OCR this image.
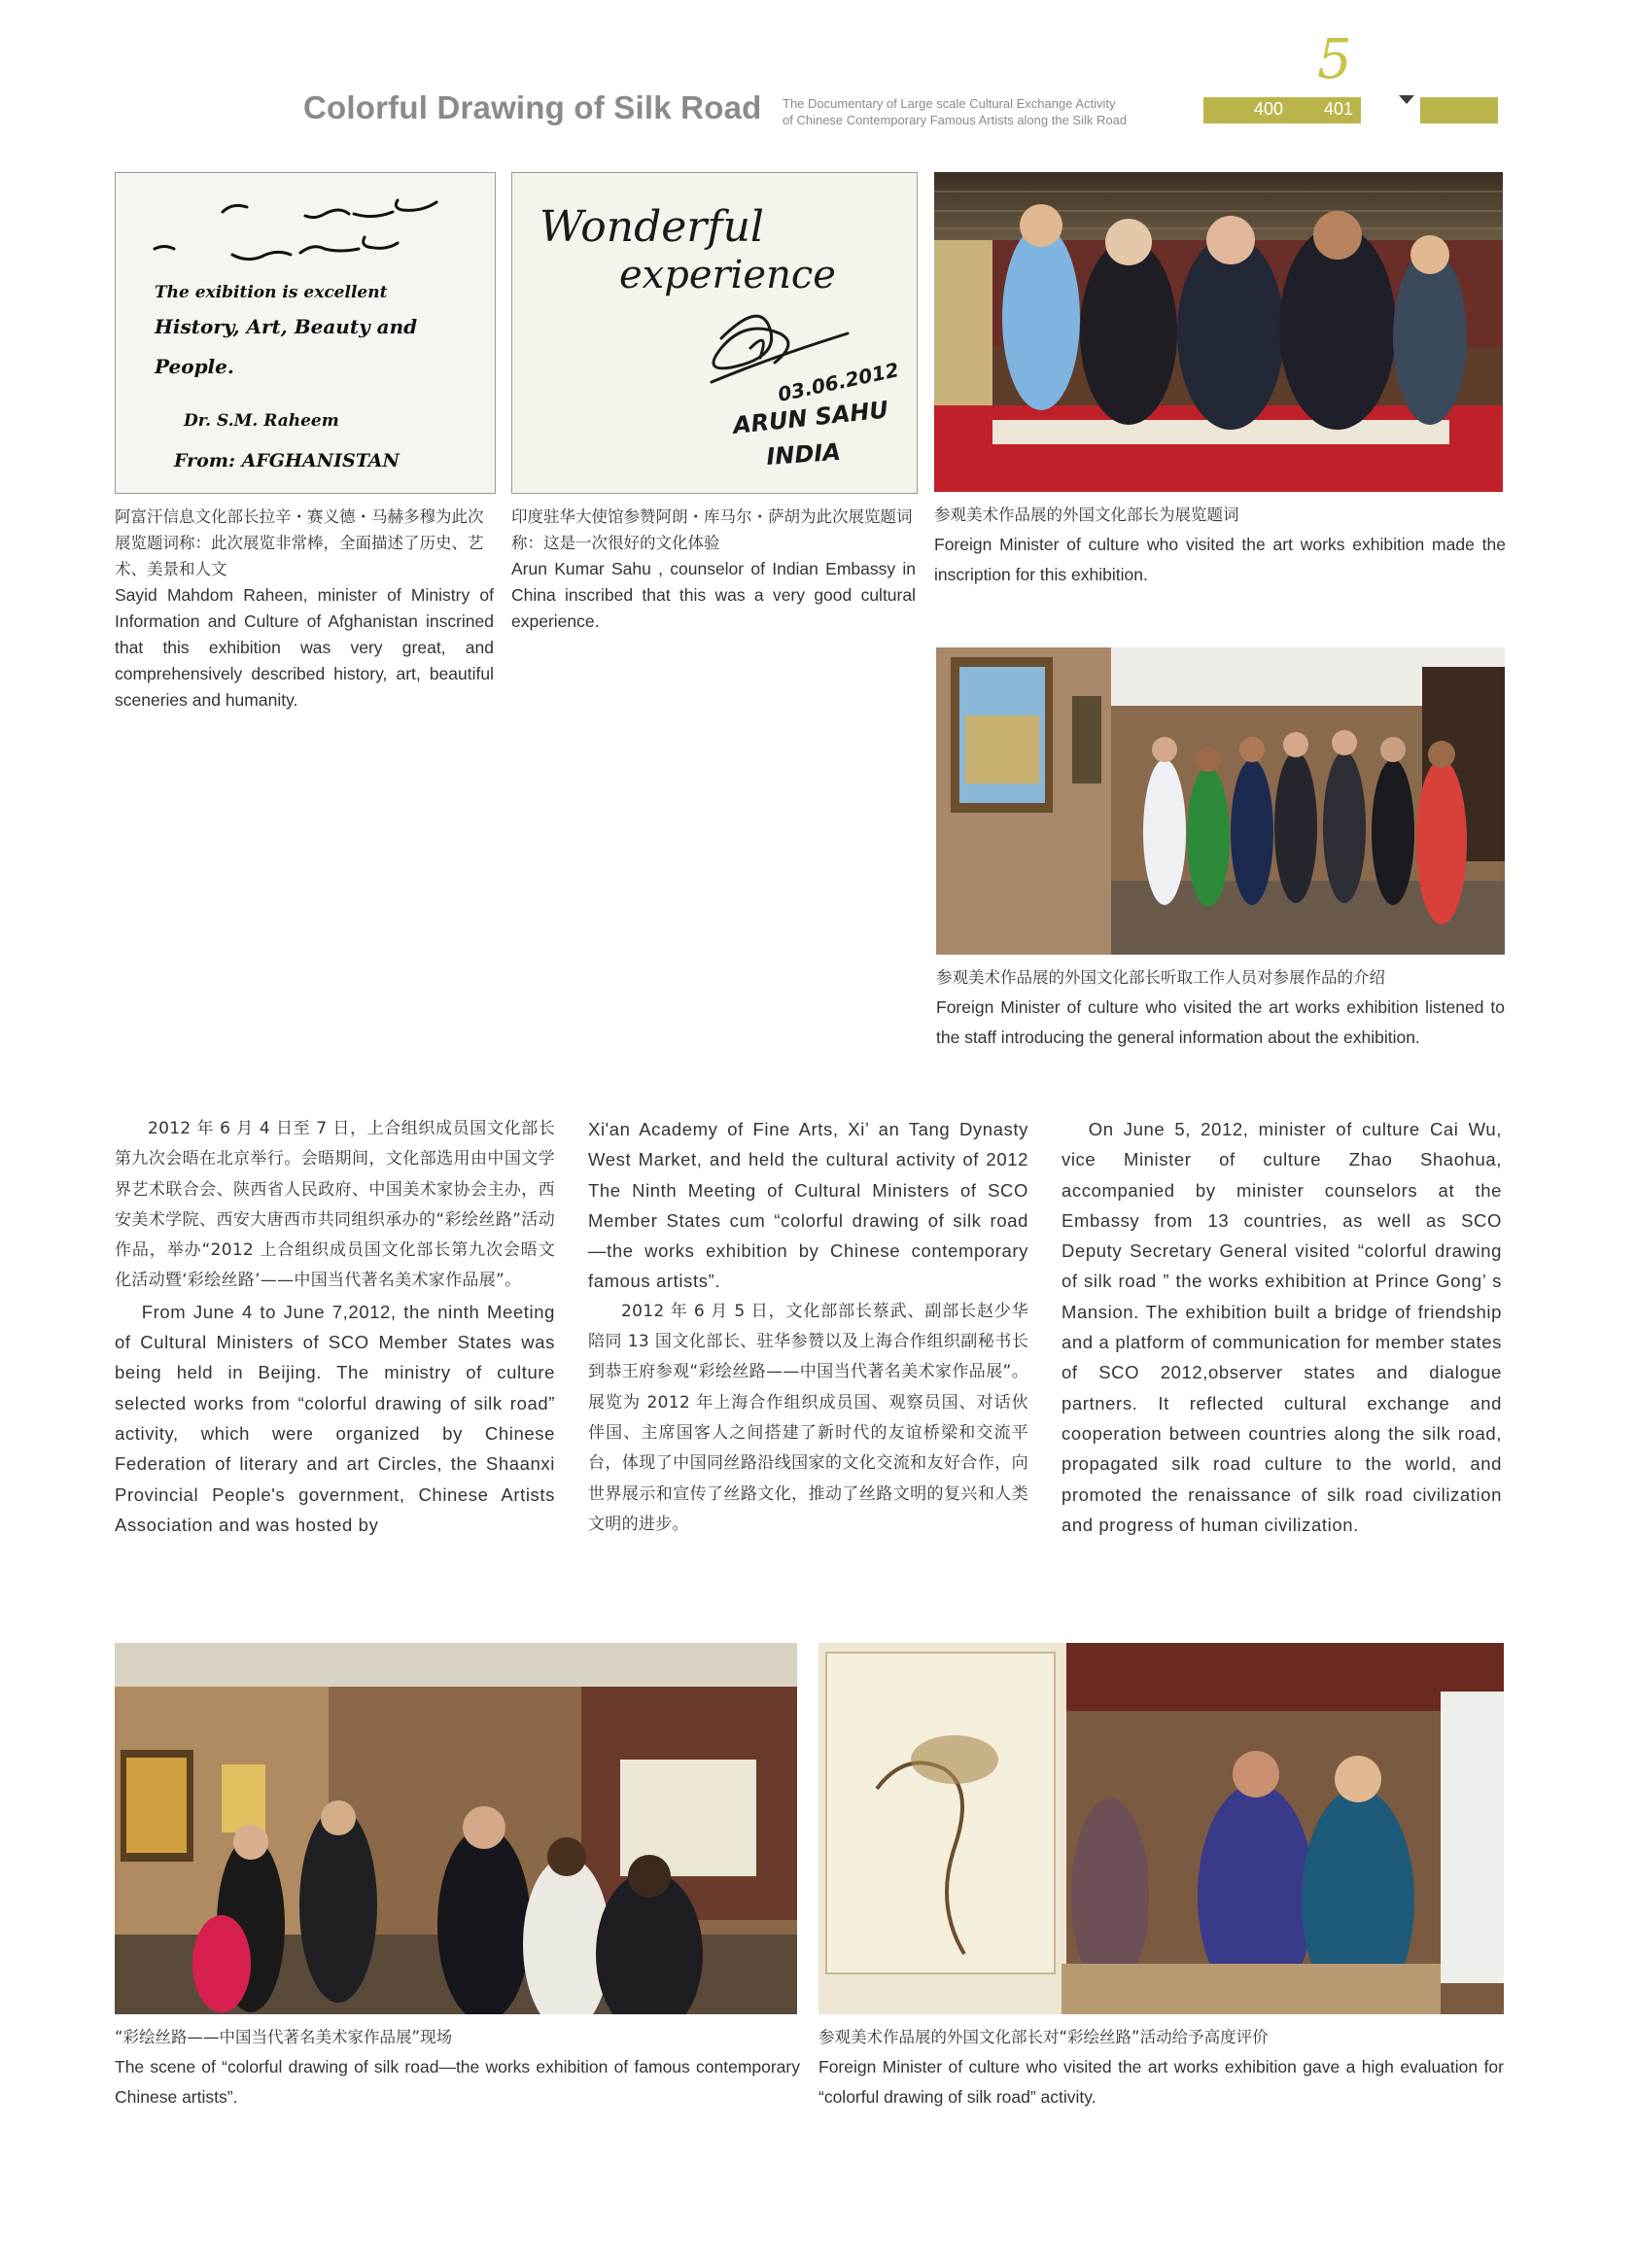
Colorful Drawing of Silk Road The Documentary of Large scale Cultural Exchange Activity
of Chinese Contemporary Famous Artists along the Silk Road
5
400 401
The exibition is excellent
History, Art, Beauty and
People.
Dr. S.M. Raheem
From: AFGHANISTAN
Wonderful
experience
03.06.2012
ARUN SAHU
INDIA
阿富汗信息文化部长拉辛・赛义德・马赫多穆为此次展览题词称：此次展览非常棒，全面描述了历史、艺术、美景和人文
Sayid Mahdom Raheen, minister of Ministry of Information and Culture of Afghanistan inscrined that this exhibition was very great, and comprehensively described history, art, beautiful sceneries and humanity.
印度驻华大使馆参赞阿朗・库马尔・萨胡为此次展览题词称：这是一次很好的文化体验
Arun Kumar Sahu , counselor of Indian Embassy in China inscribed that this was a very good cultural experience.
参观美术作品展的外国文化部长为展览题词
Foreign Minister of culture who visited the art works exhibition made the inscription for this exhibition.
参观美术作品展的外国文化部长听取工作人员对参展作品的介绍
Foreign Minister of culture who visited the art works exhibition listened to the staff introducing the general information about the exhibition.

2012 年 6 月 4 日至 7 日，上合组织成员国文化部长第九次会晤在北京举行。会晤期间，文化部选用由中国文学界艺术联合会、陕西省人民政府、中国美术家协会主办，西安美术学院、西安大唐西市共同组织承办的“彩绘丝路”活动作品，举办“2012 上合组织成员国文化部长第九次会晤文化活动暨‘彩绘丝路’——中国当代著名美术家作品展”。

From June 4 to June 7,2012, the ninth Meeting of Cultural Ministers of SCO Member States was being held in Beijing. The ministry of culture selected works from “colorful drawing of silk road” activity, which were organized by Chinese Federation of literary and art Circles, the Shaanxi Provincial People's government, Chinese Artists Association and was hosted by

Xi'an Academy of Fine Arts, Xi’ an Tang Dynasty West Market, and held the cultural activity of 2012 The Ninth Meeting of Cultural Ministers of SCO Member States cum “colorful drawing of silk road —the works exhibition by Chinese contemporary famous artists”.

2012 年 6 月 5 日，文化部部长蔡武、副部长赵少华陪同 13 国文化部长、驻华参赞以及上海合作组织副秘书长到恭王府参观“彩绘丝路——中国当代著名美术家作品展”。展览为 2012 年上海合作组织成员国、观察员国、对话伙伴国、主席国客人之间搭建了新时代的友谊桥梁和交流平台，体现了中国同丝路沿线国家的文化交流和友好合作，向世界展示和宣传了丝路文化，推动了丝路文明的复兴和人类文明的进步。

On June 5, 2012, minister of culture Cai Wu, vice Minister of culture Zhao Shaohua, accompanied by minister counselors at the Embassy from 13 countries, as well as SCO Deputy Secretary General visited “colorful drawing of silk road ” the works exhibition at Prince Gong’ s Mansion. The exhibition built a bridge of friendship and a platform of communication for member states of SCO 2012,observer states and dialogue partners. It reflected cultural exchange and cooperation between countries along the silk road, propagated silk road culture to the world, and promoted the renaissance of silk road civilization and progress of human civilization.

“彩绘丝路——中国当代著名美术家作品展”现场
The scene of “colorful drawing of silk road—the works exhibition of famous contemporary Chinese artists”.
参观美术作品展的外国文化部长对“彩绘丝路”活动给予高度评价
Foreign Minister of culture who visited the art works exhibition gave a high evaluation for “colorful drawing of silk road” activity.
